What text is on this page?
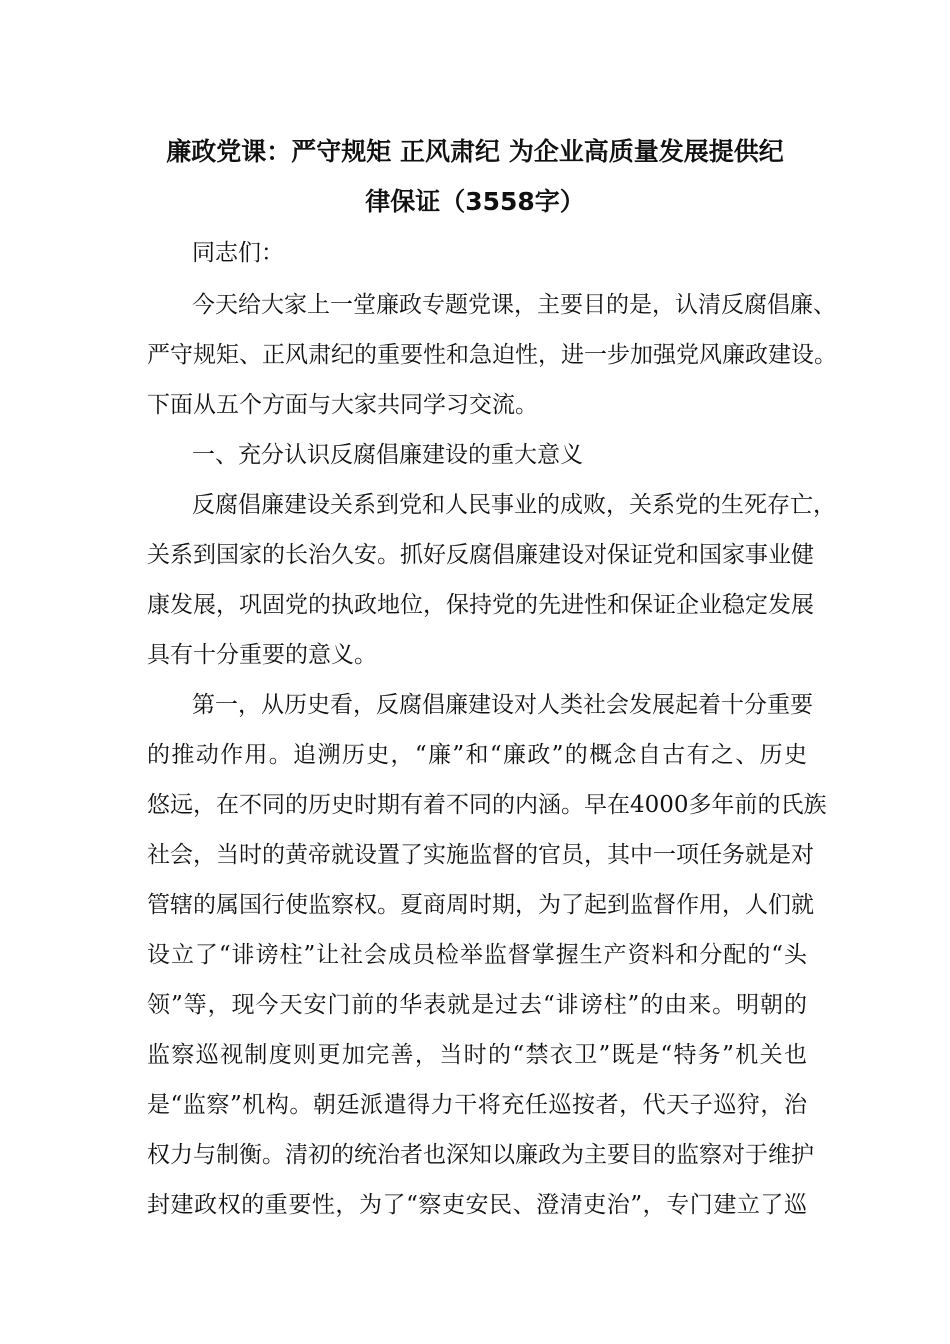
廉政党课：严守规矩 正风肃纪 为企业高质量发展提供纪
律保证（3558字）
同志们：
今天给大家上一堂廉政专题党课，主要目的是，认清反腐倡廉、
严守规矩、正风肃纪的重要性和急迫性，进一步加强党风廉政建设。
下面从五个方面与大家共同学习交流。
一、充分认识反腐倡廉建设的重大意义
反腐倡廉建设关系到党和人民事业的成败，关系党的生死存亡，
关系到国家的长治久安。抓好反腐倡廉建设对保证党和国家事业健
康发展，巩固党的执政地位，保持党的先进性和保证企业稳定发展
具有十分重要的意义。
第一，从历史看，反腐倡廉建设对人类社会发展起着十分重要
的推动作用。追溯历史，“廉”和“廉政”的概念自古有之、历史
悠远，在不同的历史时期有着不同的内涵。早在4000多年前的氏族
社会，当时的黄帝就设置了实施监督的官员，其中一项任务就是对
管辖的属国行使监察权。夏商周时期，为了起到监督作用，人们就
设立了“诽谤柱”让社会成员检举监督掌握生产资料和分配的“头
领”等，现今天安门前的华表就是过去“诽谤柱”的由来。明朝的
监察巡视制度则更加完善，当时的“禁衣卫”既是“特务”机关也
是“监察”机构。朝廷派遣得力干将充任巡按者，代天子巡狩，治
权力与制衡。清初的统治者也深知以廉政为主要目的监察对于维护
封建政权的重要性，为了“察吏安民、澄清吏治”，专门建立了巡
